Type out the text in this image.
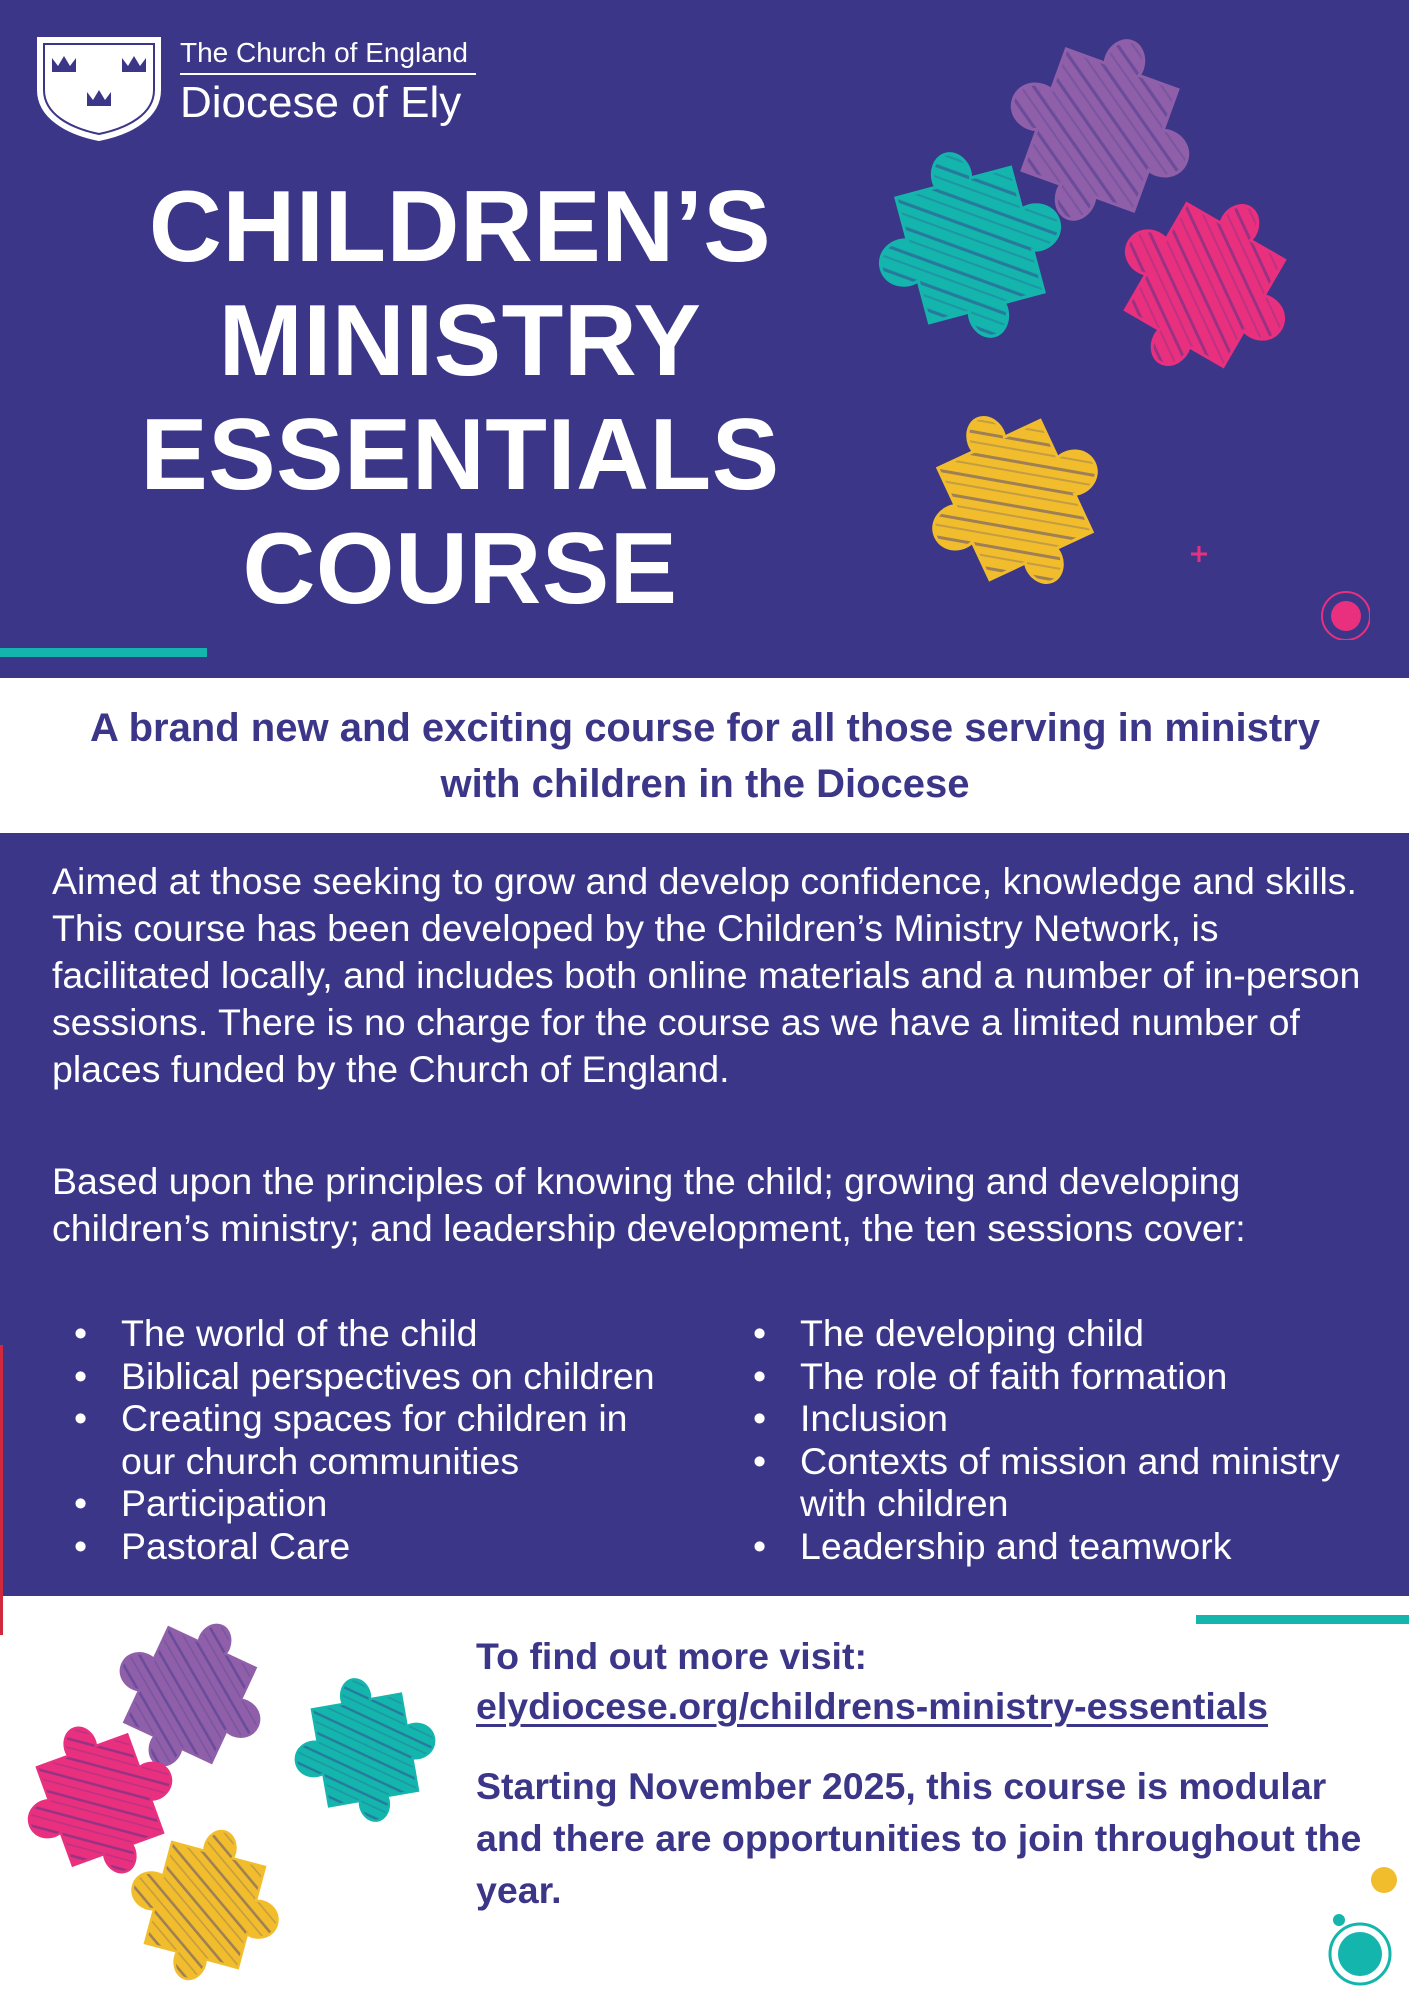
The Church of England
Diocese of Ely
CHILDREN’S
MINISTRY
ESSENTIALS
COURSE
A brand new and exciting course for all those serving in ministry with children in the Diocese
Aimed at those seeking to grow and develop confidence, knowledge and skills. This course has been developed by the Children’s Ministry Network, is facilitated locally, and includes both online materials and a number of in-person sessions. There is no charge for the course as we have a limited number of places funded by the Church of England.
Based upon the principles of knowing the child; growing and developing children’s ministry; and leadership development, the ten sessions cover:
• The world of the child
• Biblical perspectives on children
• Creating spaces for children in our church communities
• Participation
• Pastoral Care
• The developing child
• The role of faith formation
• Inclusion
• Contexts of mission and ministry with children
• Leadership and teamwork
To find out more visit:
elydiocese.org/childrens-ministry-essentials
Starting November 2025, this course is modular and there are opportunities to join throughout the year.
